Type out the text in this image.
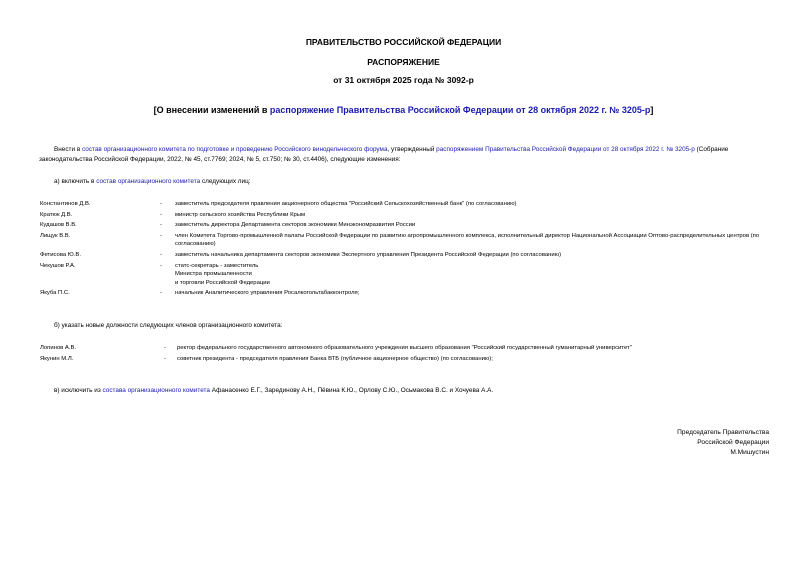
ПРАВИТЕЛЬСТВО РОССИЙСКОЙ ФЕДЕРАЦИИ
РАСПОРЯЖЕНИЕ
от 31 октября 2025 года № 3092-р
[О внесении изменений в распоряжение Правительства Российской Федерации от 28 октября 2022 г. № 3205-р]
Внести в состав организационного комитета по подготовке и проведению Российского винодельческого форума, утвержденный распоряжением Правительства Российской Федерации от 28 октября 2022 г. № 3205-р (Собрание законодательства Российской Федерации, 2022, № 45, ст.7769; 2024, № 5, ст.750; № 30, ст.4406), следующие изменения:
а) включить в состав организационного комитета следующих лиц:
Константинов Д.В.	-	заместитель председателя правления акционерного общества "Российский Сельскохозяйственный банк" (по согласованию)
Кратюк Д.В.	-	министр сельского хозяйства Республики Крым
Кудашов В.В.	-	заместитель директора Департамента секторов экономики Минэкономразвития России
Лищук В.В.	-	член Комитета Торгово-промышленной палаты Российской Федерации по развитию агропромышленного комплекса, исполнительный директор Национальной Ассоциации Оптово-распределительных центров (по согласованию)
Фетисова Ю.В.	-	заместитель начальника департамента секторов экономики Экспертного управления Президента Российской Федерации (по согласованию)
Чекушов Р.А.	-	статс-секретарь - заместитель
Министра промышленности
и торговли Российской Федерации

Якуба П.С.	-	начальник Аналитического управления Росалкогольтабакконтроля;
б) указать новые должности следующих членов организационного комитета:
Лопинов А.В.	-	ректор федерального государственного автономного образовательного учреждения высшего образования "Российский государственный гуманитарный университет"
Якунин М.Л.	-	советник президента - председателя правления Банка ВТБ (публичное акционерное общество) (по согласованию);
в) исключить из состава организационного комитета Афанасенко Е.Г., Зарединову А.Н., Пёвина К.Ю., Орлову С.Ю., Осьмакова В.С. и Хочуева А.А.
Председатель Правительства
Российской Федерации
М.Мишустин
